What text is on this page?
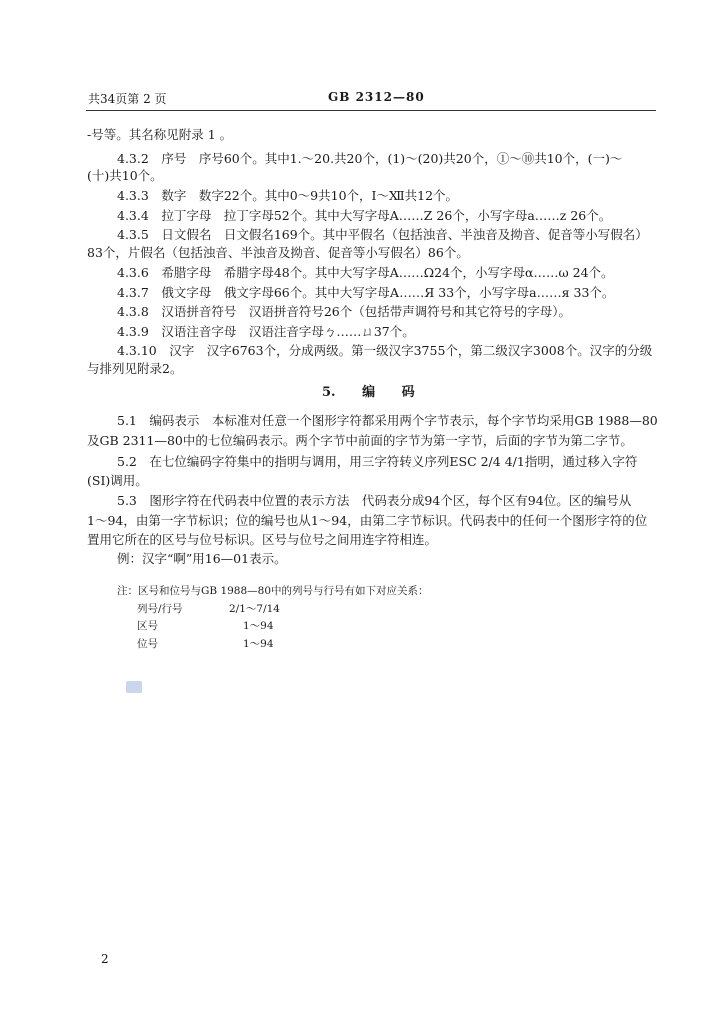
共34页第 2 页	GB 2312—80
-号等。其名称见附录 1 。
4.3.2　 序号　序号60个。其中1.～20.共20个，(1)～(20)共20个，①～⑩共10个，(一)～
(十)共10个。
4.3.3　 数字　数字22个。其中0～9共10个，Ⅰ～Ⅻ共12个。
4.3.4　 拉丁字母　拉丁字母52个。其中大写字母A……Z 26个，小写字母a……z 26个。
4.3.5　 日文假名　日文假名169个。其中平假名（包括浊音、半浊音及拗音、促音等小写假名）
83个，片假名（包括浊音、半浊音及拗音、促音等小写假名）86个。
4.3.6　 希腊字母　希腊字母48个。其中大写字母Α……Ω24个，小写字母α……ω 24个。
4.3.7　 俄文字母　俄文字母66个。其中大写字母А……Я 33个，小写字母а……я 33个。
4.3.8　 汉语拼音符号　汉语拼音符号26个（包括带声调符号和其它符号的字母）。
4.3.9　 汉语注音字母　汉语注音字母ㄅ……ㄩ37个。
4.3.10　 汉字　汉字6763个，分成两级。第一级汉字3755个，第二级汉字3008个。汉字的分级
与排列见附录2。
5. 编 码
5.1　编码表示　本标准对任意一个图形字符都采用两个字节表示，每个字节均采用GB 1988—80
及GB 2311—80中的七位编码表示。两个字节中前面的字节为第一字节，后面的字节为第二字节。
5.2　在七位编码字符集中的指明与调用，用三字符转义序列ESC 2/4 4/1指明，通过移入字符
(SI)调用。
5.3　图形字符在代码表中位置的表示方法　代码表分成94个区，每个区有94位。区的编号从
1～94，由第一字节标识；位的编号也从1～94，由第二字节标识。代码表中的任何一个图形字符的位
置用它所在的区号与位号标识。区号与位号之间用连字符相连。
例：汉字“啊”用16—01表示。
注：区号和位号与GB 1988—80中的列号与行号有如下对应关系：
列号/行号	2/1～7/14
区号	1～94
位号	1～94
2
